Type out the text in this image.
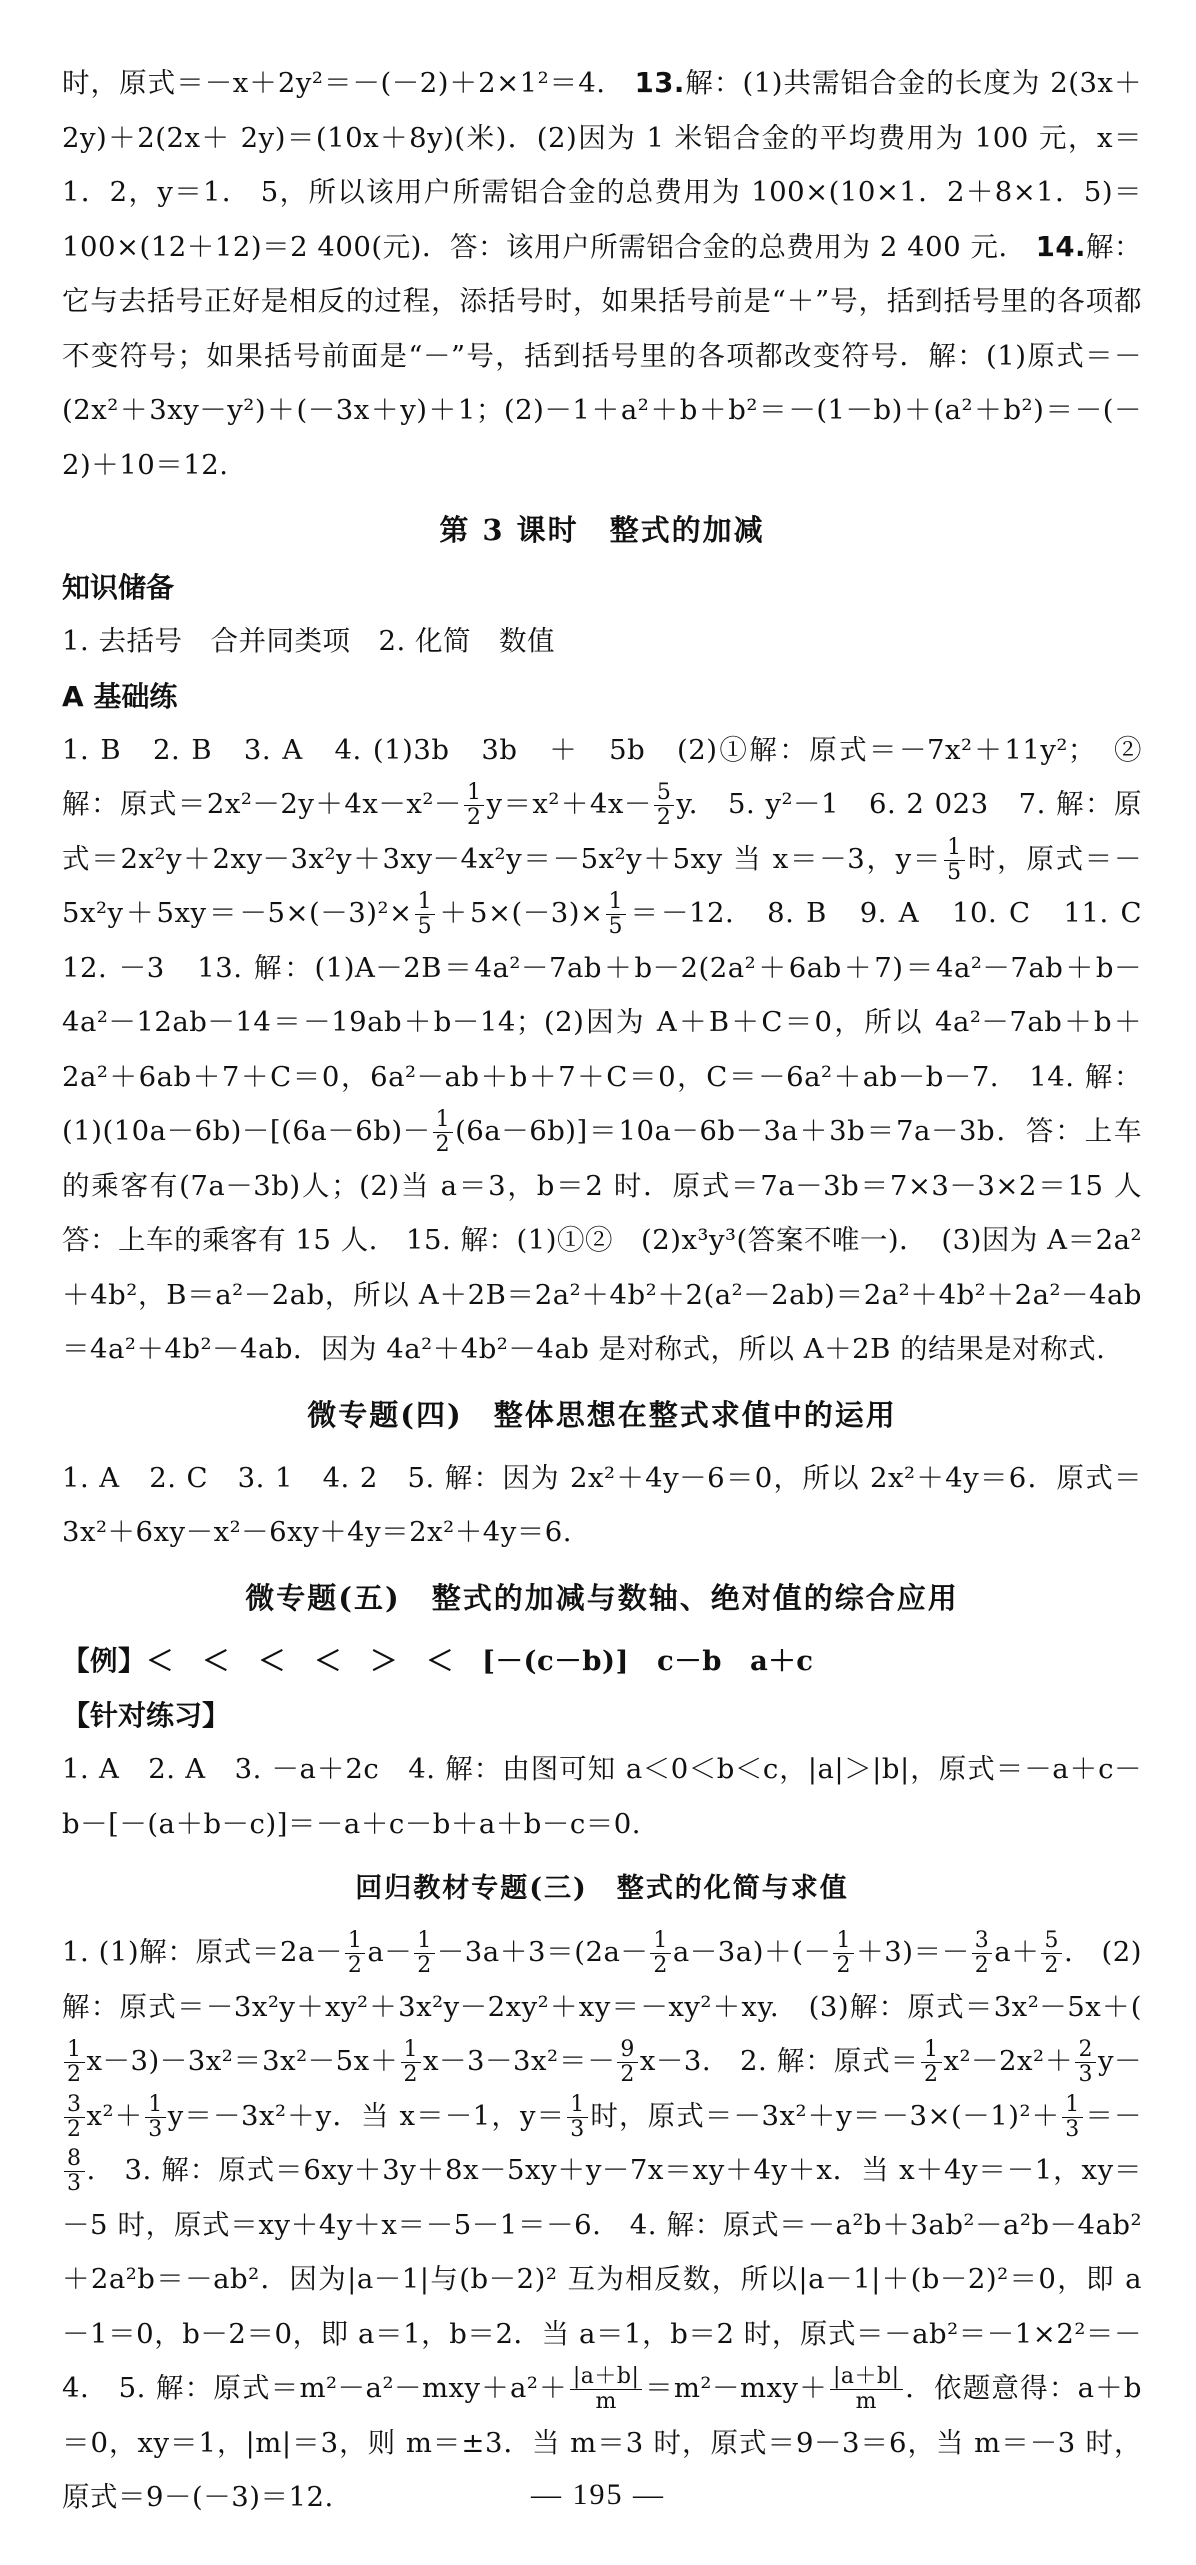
时，原式＝－x＋2y²＝－(－2)＋2×1²＝4.　 13.解：(1)共需铝合金的长度为 2(3x＋2y)＋2(2x＋ 2y)＝(10x＋8y)(米)．(2)因为 1 米铝合金的平均费用为 100 元，x＝1．2，y＝1． 5，所以该用户所需铝合金的总费用为 100×(10×1．2＋8×1．5)＝100×(12＋12)＝2 400(元)．答：该用户所需铝合金的总费用为 2 400 元.　 14.解：它与去括号正好是相反的过程，添括号时，如果括号前是“＋”号，括到括号里的各项都不变符号；如果括号前面是“－”号，括到括号里的各项都改变符号．解：(1)原式＝－(2x²＋3xy－y²)＋(－3x＋y)＋1；(2)－1＋a²＋b＋b²＝－(1－b)＋(a²＋b²)＝－(－2)＋10＝12.

第 3 课时　整式的加减
知识储备

1. 去括号　合并同类项　2. 化简　数值

A 基础练

1. B　2. B　3. A　4. (1)3b　3b　＋　5b　(2)①解：原式＝－7x²＋11y²；　②解：原式$=2x^2-2y+4x-x^2- \frac{1}{2} y=x^2+4x- \frac{5}{2} y$.　5. y²－1　6. 2 023　7. 解：原式＝2x²y＋2xy－3x²y＋3xy－4x²y＝－5x²y＋5xy 当 x＝－3，$y= \frac{1}{5}$ 时，原式$=-5x^2y+5xy=-5\times(-3)^2\times \frac{1}{5} +5\times(-3)\times \frac{1}{5} =-12$.　8. B　9. A　10. C　11. C　12. －3　13. 解：(1)A－2B＝4a²－7ab＋b－2(2a²＋6ab＋7)＝4a²－7ab＋b－4a²－12ab－14＝－19ab＋b－14；(2)因为 A＋B＋C＝0，所以 4a²－7ab＋b＋2a²＋6ab＋7＋C＝0，6a²－ab＋b＋7＋C＝0，C＝－6a²＋ab－b－7.　14. 解：$(1)(10a-6b)-[(6a-6b)- \frac{1}{2} (6a-6b)]=10a-6b-3a+3b=7a-3b$．答：上车的乘客有(7a－3b)人；(2)当 a＝3，b＝2 时．原式＝7a－3b＝7×3－3×2＝15 人答：上车的乘客有 15 人.　15. 解：(1)①②　(2)x³y³(答案不唯一)．　(3)因为 A＝2a²＋4b²，B＝a²－2ab，所以 A＋2B＝2a²＋4b²＋2(a²－2ab)＝2a²＋4b²＋2a²－4ab＝4a²＋4b²－4ab．因为 4a²＋4b²－4ab 是对称式，所以 A＋2B 的结果是对称式.

微专题(四)　整体思想在整式求值中的运用

1. A　2. C　3. 1　4. 2　5. 解：因为 2x²＋4y－6＝0，所以 2x²＋4y＝6．原式＝3x²＋6xy－x²－6xy＋4y＝2x²＋4y＝6.

微专题(五)　整式的加减与数轴、绝对值的综合应用

【例】＜　＜　＜　＜　＞　＜　[－(c－b)]　c－b　a＋c

【针对练习】

1. A　2. A　3. －a＋2c　4. 解：由图可知 a＜0＜b＜c，|a|＞|b|，原式＝－a＋c－b－[－(a＋b－c)]＝－a＋c－b＋a＋b－c＝0.

回归教材专题(三)　整式的化简与求值

1. (1)解：原式$=2a- \frac{1}{2} a- \frac{1}{2} -3a+3=(2a- \frac{1}{2} a-3a)+(- \frac{1}{2} +3)=- \frac{3}{2} a+ \frac{5}{2}$ .　(2)解：原式＝－3x²y＋xy²＋3x²y－2xy²＋xy＝－xy²＋xy.　(3)解：原式＝3x²－5x＋(
$\frac{1}{2} x-3)-3x^2=3x^2-5x+ \frac{1}{2} x-3-3x^2=- \frac{9}{2} x-3$.　2. 解：原式＝ $\frac{1}{2} x^2-2x^2+ \frac{2}{3} y-$
$\frac{3}{2} x^2+ \frac{1}{3} y=-3x^2+y$．当 x＝－1，$y= \frac{1}{3}$ 时，原式$=-3x^2+y=-3\times(-1)^2+ \frac{1}{3}$ ＝－
$\frac{8}{3}$ .　3. 解：原式＝6xy＋3y＋8x－5xy＋y－7x＝xy＋4y＋x．当 x＋4y＝－1，xy＝－5 时，原式＝xy＋4y＋x＝－5－1＝－6.　4. 解：原式＝－a²b＋3ab²－a²b－4ab²＋2a²b＝－ab²．因为|a－1|与(b－2)² 互为相反数，所以|a－1|＋(b－2)²＝0，即 a－1＝0，b－2＝0，即 a＝1，b＝2．当 a＝1，b＝2 时，原式＝－ab²＝－1×2²＝－4.　5. 解：原式$=m^2-a^2-mxy+a^2+ \frac{|a+b|}{m} =m^2-mxy+ \frac{|a+b|}{m}$ ．依题意得：a＋b＝0，xy＝1，|m|＝3，则 m＝±3．当 m＝3 时，原式＝9－3＝6，当 m＝－3 时，原式＝9－(－3)＝12.	— 195 —
